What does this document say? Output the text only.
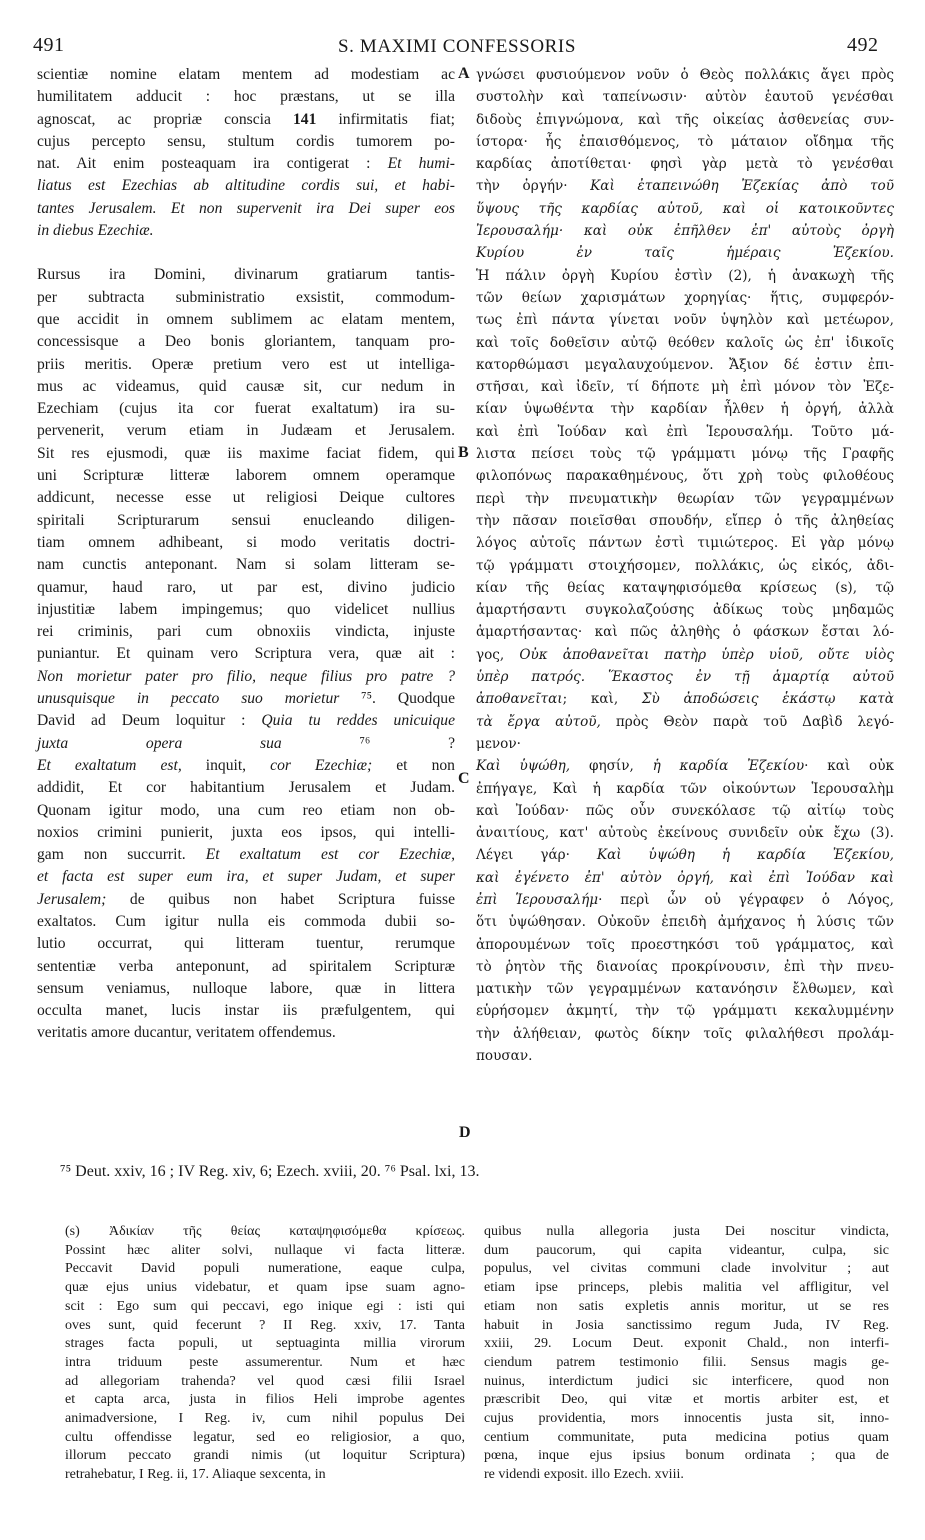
491	S. MAXIMI CONFESSORIS	492
scientiæ nomine elatam mentem ad modestiam ac
humilitatem adducit : hoc præstans, ut se illa
agnoscat, ac propriæ conscia 141 infirmitatis fiat;
cujus percepto sensu, stultum cordis tumorem po-
nat. Ait enim posteaquam ira contigerat : Et humi-
liatus est Ezechias ab altitudine cordis sui, et habi-
tantes Jerusalem. Et non supervenit ira Dei super eos
in diebus Ezechiæ.
Rursus ira Domini, divinarum gratiarum tantis-
per subtracta subministratio exsistit, commodum-
que accidit in omnem sublimem ac elatam mentem,
concessisque a Deo bonis gloriantem, tanquam pro-
priis meritis. Operæ pretium vero est ut intelliga-
mus ac videamus, quid causæ sit, cur nedum in
Ezechiam (cujus ita cor fuerat exaltatum) ira su-
pervenerit, verum etiam in Judæam et Jerusalem.
Sit res ejusmodi, quæ iis maxime faciat fidem, qui
uni Scripturæ litteræ laborem omnem operamque
addicunt, necesse esse ut religiosi Deique cultores
spiritali Scripturarum sensui enucleando diligen-
tiam omnem adhibeant, si modo veritatis doctri-
nam cunctis anteponant. Nam si solam litteram se-
quamur, haud raro, ut par est, divino judicio
injustitiæ labem impingemus; quo videlicet nullius
rei criminis, pari cum obnoxiis vindicta, injuste
puniantur. Et quinam vero Scriptura vera, quæ ait :
Non morietur pater pro filio, neque filius pro patre ?
unusquisque in peccato suo morietur ⁷⁵. Quodque
David ad Deum loquitur : Quia tu reddes unicuique
juxta opera sua ⁷⁶ ?
Et exaltatum est, inquit, cor Ezechiæ; et non
addidit, Et cor habitantium Jerusalem et Judam.
Quonam igitur modo, una cum reo etiam non ob-
noxios crimini punierit, juxta eos ipsos, qui intelli-
gam non succurrit. Et exaltatum est cor Ezechiæ,
et facta est super eum ira, et super Judam, et super
Jerusalem; de quibus non habet Scriptura fuisse
exaltatos. Cum igitur nulla eis commoda dubii so-
lutio occurrat, qui litteram tuentur, rerumque
sententiæ verba anteponunt, ad spiritalem Scripturæ
sensum veniamus, nulloque labore, quæ in littera
occulta manet, lucis instar iis præfulgentem, qui
veritatis amore ducantur, veritatem offendemus.
γνώσει φυσιούμενον νοῦν ὁ Θεὸς πολλάκις ἄγει πρὸς
συστολὴν καὶ ταπείνωσιν· αὐτὸν ἑαυτοῦ γενέσθαι
διδοὺς ἐπιγνώμονα, καὶ τῆς οἰκείας ἀσθενείας συν-
ίστορα· ἧς ἐπαισθόμενος, τὸ μάταιον οἴδημα τῆς
καρδίας ἀποτίθεται· φησὶ γὰρ μετὰ τὸ γενέσθαι
τὴν ὀργήν· Καὶ ἐταπεινώθη Ἐζεκίας ἀπὸ τοῦ
ὕψους τῆς καρδίας αὐτοῦ, καὶ οἱ κατοικοῦντες
Ἰερουσαλήμ· καὶ οὐκ ἐπῆλθεν ἐπ' αὐτοὺς ὀργὴ
Κυρίου ἐν ταῖς ἡμέραις Ἐζεκίου.
Ἡ πάλιν ὀργὴ Κυρίου ἐστὶν (2), ἡ ἀνακωχὴ τῆς
τῶν θείων χαρισμάτων χορηγίας· ἥτις, συμφερόν-
τως ἐπὶ πάντα γίνεται νοῦν ὑψηλὸν καὶ μετέωρον,
καὶ τοῖς δοθεῖσιν αὐτῷ θεόθεν καλοῖς ὡς ἐπ' ἰδικοῖς
κατορθώμασι μεγαλαυχούμενον. Ἄξιον δέ ἐστιν ἐπι-
στῆσαι, καὶ ἰδεῖν, τί δήποτε μὴ ἐπὶ μόνον τὸν Ἐζε-
κίαν ὑψωθέντα τὴν καρδίαν ἦλθεν ἡ ὀργή, ἀλλὰ
καὶ ἐπὶ Ἰούδαν καὶ ἐπὶ Ἱερουσαλήμ. Τοῦτο μά-
λιστα πείσει τοὺς τῷ γράμματι μόνῳ τῆς Γραφῆς
φιλοπόνως παρακαθημένους, ὅτι χρὴ τοὺς φιλοθέους
περὶ τὴν πνευματικὴν θεωρίαν τῶν γεγραμμένων
τὴν πᾶσαν ποιεῖσθαι σπουδήν, εἴπερ ὁ τῆς ἀληθείας
λόγος αὐτοῖς πάντων ἐστὶ τιμιώτερος. Εἰ γὰρ μόνῳ
τῷ γράμματι στοιχήσομεν, πολλάκις, ὡς εἰκός, ἀδι-
κίαν τῆς θείας καταψηφισόμεθα κρίσεως (s), τῷ
ἁμαρτήσαντι συγκολαζούσης ἀδίκως τοὺς μηδαμῶς
ἁμαρτήσαντας· καὶ πῶς ἀληθὴς ὁ φάσκων ἔσται λό-
γος, Οὐκ ἀποθανεῖται πατὴρ ὑπὲρ υἱοῦ, οὔτε υἱὸς
ὑπὲρ πατρός. Ἕκαστος ἐν τῇ ἁμαρτίᾳ αὐτοῦ
ἀποθανεῖται; καὶ, Σὺ ἀποδώσεις ἑκάστῳ κατὰ
τὰ ἔργα αὐτοῦ, πρὸς Θεὸν παρὰ τοῦ Δαβὶδ λεγό-
μενον·
Καὶ ὑψώθη, φησίν, ἡ καρδία Ἐζεκίου· καὶ οὐκ
ἐπήγαγε, Καὶ ἡ καρδία τῶν οἰκούντων Ἱερουσαλὴμ
καὶ Ἰούδαν· πῶς οὖν συνεκόλασε τῷ αἰτίῳ τοὺς
ἀναιτίους, κατ' αὐτοὺς ἐκείνους συνιδεῖν οὐκ ἔχω (3).
Λέγει γάρ· Καὶ ὑψώθη ἡ καρδία Ἐζεκίου,
καὶ ἐγένετο ἐπ' αὐτὸν ὀργή, καὶ ἐπὶ Ἰούδαν καὶ
ἐπὶ Ἱερουσαλήμ· περὶ ὧν οὐ γέγραφεν ὁ Λόγος,
ὅτι ὑψώθησαν. Οὐκοῦν ἐπειδὴ ἀμήχανος ἡ λύσις τῶν
ἀπορουμένων τοῖς προεστηκόσι τοῦ γράμματος, καὶ
τὸ ῥητὸν τῆς διανοίας προκρίνουσιν, ἐπὶ τὴν πνευ-
ματικὴν τῶν γεγραμμένων κατανόησιν ἔλθωμεν, καὶ
εὑρήσομεν ἀκμητί, τὴν τῷ γράμματι κεκαλυμμένην
τὴν ἀλήθειαν, φωτὸς δίκην τοῖς φιλαλήθεσι προλάμ-
πουσαν.
A
B
C
D
⁷⁵ Deut. xxiv, 16 ; IV Reg. xiv, 6; Ezech. xviii, 20. ⁷⁶ Psal. lxi, 13.
(s) Ἀδικίαν τῆς θείας καταψηφισόμεθα κρίσεως.
Possint hæc aliter solvi, nullaque vi facta litteræ.
Peccavit David populi numeratione, eaque culpa,
quæ ejus unius videbatur, et quam ipse suam agno-
scit : Ego sum qui peccavi, ego inique egi : isti qui
oves sunt, quid fecerunt ? II Reg. xxiv, 17. Tanta
strages facta populi, ut septuaginta millia virorum
intra triduum peste assumerentur. Num et hæc
ad allegoriam trahenda? vel quod cæsi filii Israel
et capta arca, justa in filios Heli improbe agentes
animadversione, I Reg. iv, cum nihil populus Dei
cultu offendisse legatur, sed eo religiosior, a quo,
illorum peccato grandi nimis (ut loquitur Scriptura)
retrahebatur, I Reg. ii, 17. Aliaque sexcenta, in
quibus nulla allegoria justa Dei noscitur vindicta,
dum paucorum, qui capita videantur, culpa, sic
populus, vel civitas communi clade involvitur ; aut
etiam ipse princeps, plebis malitia vel affligitur, vel
etiam non satis expletis annis moritur, ut se res
habuit in Josia sanctissimo regum Juda, IV Reg.
xxiii, 29. Locum Deut. exponit Chald., non interfi-
ciendum patrem testimonio filii. Sensus magis ge-
nuinus, interdictum judici sic interficere, quod non
præscribit Deo, qui vitæ et mortis arbiter est, et
cujus providentia, mors innocentis justa sit, inno-
centium communitate, puta medicina potius quam
pœna, inque ejus ipsius bonum ordinata ; qua de
re videndi exposit. illo Ezech. xviii.
